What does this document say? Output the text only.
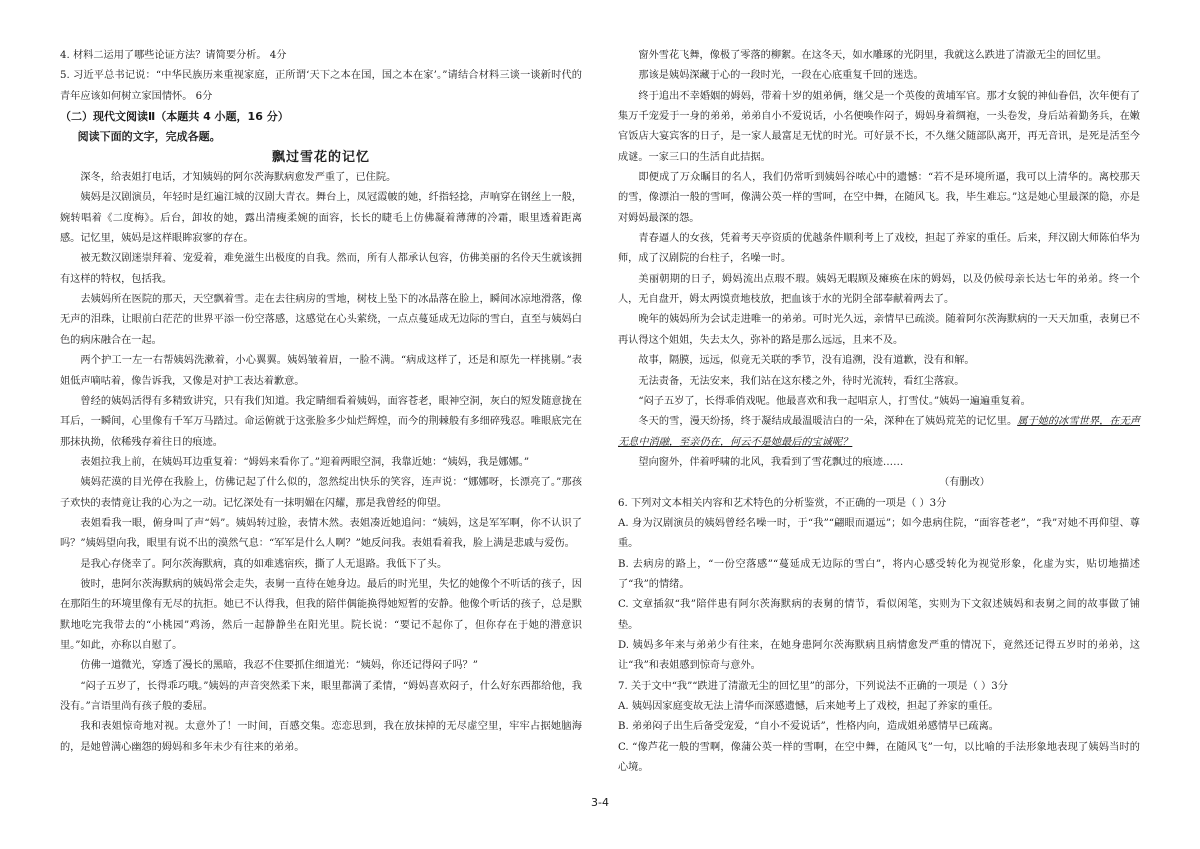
4. 材料二运用了哪些论证方法？请简要分析。 4分

5. 习近平总书记说：“中华民族历来重视家庭，正所谓‘天下之本在国，国之本在家’。”请结合材料三谈一谈新时代的青年应该如何树立家国情怀。 6分

（二）现代文阅读Ⅱ（本题共 4 小题，16 分）

阅读下面的文字，完成各题。

飘过雪花的记忆

深冬，给表姐打电话，才知姨妈的阿尔茨海默病愈发严重了，已住院。

姨妈是汉剧演员，年轻时是红遍江城的汉剧大青衣。舞台上，凤冠霞帔的她，纤指轻捻，声响穿在钢丝上一般，婉转唱着《二度梅》。后台，卸妆的她，露出清瘦柔婉的面容，长长的睫毛上仿佛凝着薄薄的冷霜，眼里透着距离感。记忆里，姨妈是这样眼眸寂寥的存在。

被无数汉剧迷崇拜着、宠爱着，难免滋生出极度的自我。然而，所有人都承认包容，仿佛美丽的名伶天生就该拥有这样的特权，包括我。

去姨妈所在医院的那天，天空飘着雪。走在去往病房的雪地，树枝上坠下的冰晶落在脸上，瞬间冰凉地滑落，像无声的泪珠，让眼前白茫茫的世界平添一份空落感，这感觉在心头萦绕，一点点蔓延成无边际的雪白，直至与姨妈白色的病床融合在一起。

两个护工一左一右帮姨妈洗漱着，小心翼翼。姨妈皱着眉，一脸不满。“病成这样了，还是和原先一样挑剔。”表姐低声嘀咕着，像告诉我，又像是对护工表达着歉意。

曾经的姨妈活得有多精致讲究，只有我们知道。我定睛细看着姨妈，面容苍老，眼神空洞，灰白的短发随意拢在耳后，一瞬间，心里像有千军万马踏过。命运俯就于这张脸多少灿烂辉煌，而今的荆棘般有多细碎残忍。唯眼底完在那抹执拗，依稀残存着往日的痕迹。

表姐拉我上前，在姨妈耳边重复着：“姆妈来看你了。”迎着两眼空洞，我靠近她：“姨妈，我是娜娜。”

姨妈茫漠的目光停在我脸上，仿佛记起了什么似的，忽然绽出快乐的笑容，连声说：“娜娜呀，长漂亮了。”那孩子欢快的表情竟让我的心为之一动。记忆深处有一抹明媚在闪耀，那是我曾经的仰望。

表姐看我一眼，俯身叫了声“妈”。姨妈转过脸，表情木然。表姐凑近她追问：“姨妈，这是军军啊，你不认识了吗？”姨妈望向我，眼里有说不出的漠然气息：“军军是什么人啊？”她反问我。表姐看着我，脸上满是悲戚与爱伤。

是我心存侥幸了。阿尔茨海默病，真的如难逃宿疾，撕了人无退路。我低下了头。

彼时，患阿尔茨海默病的姨妈常会走失，表舅一直待在她身边。最后的时光里，失忆的她像个不听话的孩子，因在那陌生的环境里像有无尽的抗拒。她已不认得我，但我的陪伴偶能换得她短暂的安静。他像个听话的孩子，总是默默地吃完我带去的“小桃园”鸡汤，然后一起静静坐在阳光里。院长说：“要记不起你了，但你存在于她的潜意识里。”如此，亦称以自慰了。

仿佛一道微光，穿透了漫长的黑暗，我忍不住要抓住细道光：“姨妈，你还记得闷子吗？”

“闷子五岁了，长得乖巧哦。”姨妈的声音突然柔下来，眼里都满了柔情，“姆妈喜欢闷子，什么好东西都给他，我没有。”言语里尚有孩子般的委屈。

我和表姐惊奇地对视。太意外了！一时间，百感交集。恋恋思到，我在放抹掉的无尽虚空里，牢牢占据她脑海的，是她曾满心幽怨的姆妈和多年未少有往来的弟弟。

窗外雪花飞舞，像极了零落的柳絮。在这冬天，如水雕琢的光阴里，我就这么跌进了清澈无尘的回忆里。

那该是姨妈深藏于心的一段时光，一段在心底重复千回的迷迭。

终于追出不幸婚姻的姆妈，带着十岁的姐弟俩，继父是一个英俊的黄埔军官。那才女貌的神仙眷侣，次年便有了集万千宠爱于一身的弟弟，弟弟自小不爱说话，小名便唤作闷子，姆妈身着绸袍，一头卷发，身后站着勤务兵，在嫩官饭店大宴宾客的日子，是一家人最富足无忧的时光。可好景不长，不久继父随部队离开，再无音讯，是死是活至今成谜。一家三口的生活自此拮据。

即便成了万众瞩目的名人，我们仍常听到姨妈谷哝心中的遗憾：“若不是环境所逼，我可以上清华的。离校那天的雪，像漂泊一般的雪呵，像满公英一样的雪呵，在空中舞，在随风飞。我，毕生难忘。”这是她心里最深的隐，亦是对姆妈最深的怨。

青春逼人的女孩，凭着考天亭资质的优越条件顺利考上了戏校，担起了养家的重任。后来，拜汉剧大师陈伯华为师，成了汉剧院的台柱子，名噪一时。

美丽朝期的日子，姆妈流出点瑕不瑕。姨妈无暇顾及瘫痪在床的姆妈，以及仍候母亲长达七年的弟弟。终一个人，无自盘开，姆太两馍贲地枝放，把血该于水的光阴全部奉献着两去了。

晚年的姨妈所为会试走进唯一的弟弟。可时光久远，亲情早已疏淡。随着阿尔茨海默病的一天天加重，表舅已不再认得这个姐姐，失去太久，弥补的路是那么远远，且来不及。

故事，隔膜，远远，似竟无关联的季节，没有追溯，没有道歉，没有和解。

无法责备，无法安来，我们站在这东楼之外，待时光流转，看红尘落寂。

“闷子五岁了，长得乖俏戏呢。他最喜欢和我一起唱京人，打雪仗。”姨妈一遍遍重复着。

冬天的雪，漫天纷扬，终于凝结成最温暖洁白的一朵，深种在了姨妈荒芜的记忆里。属于她的冰雪世界，在无声无息中消融，至亲仍在，何云不是她最后的宝诚呢？

望向窗外，伴着呼啸的北风，我看到了雪花飘过的痕迹……

（有删改）

6. 下列对文本相关内容和艺术特色的分析鉴赏，不正确的一项是（ ）3分

A. 身为汉剧演员的姨妈曾经名噪一时，于“我”“翩眼而逼远”；如今患病住院，“面容苍老”，“我”对她不再仰望、尊重。

B. 去病房的路上，“一份空落感”“蔓延成无边际的雪白”，将内心感受转化为视觉形象，化虚为实，贴切地描述了“我”的情绪。

C. 文章插叙“我”陪伴患有阿尔茨海默病的表舅的情节，看似闲笔，实则为下文叙述姨妈和表舅之间的故事做了铺垫。

D. 姨妈多年来与弟弟少有往来，在她身患阿尔茨海默病且病情愈发严重的情况下，竟然还记得五岁时的弟弟，这让“我”和表姐感到惊奇与意外。

7. 关于文中“我”“跌进了清澈无尘的回忆里”的部分，下列说法不正确的一项是（ ）3分

A. 姨妈因家庭变故无法上清华而深感遗憾，后来她考上了戏校，担起了养家的重任。

B. 弟弟闷子出生后备受宠爱，“自小不爱说话”，性格内向，造成姐弟感情早已疏离。

C. “像芦花一般的雪啊，像蒲公英一样的雪啊，在空中舞，在随风飞”一句，以比喻的手法形象地表现了姨妈当时的心境。

3-4
